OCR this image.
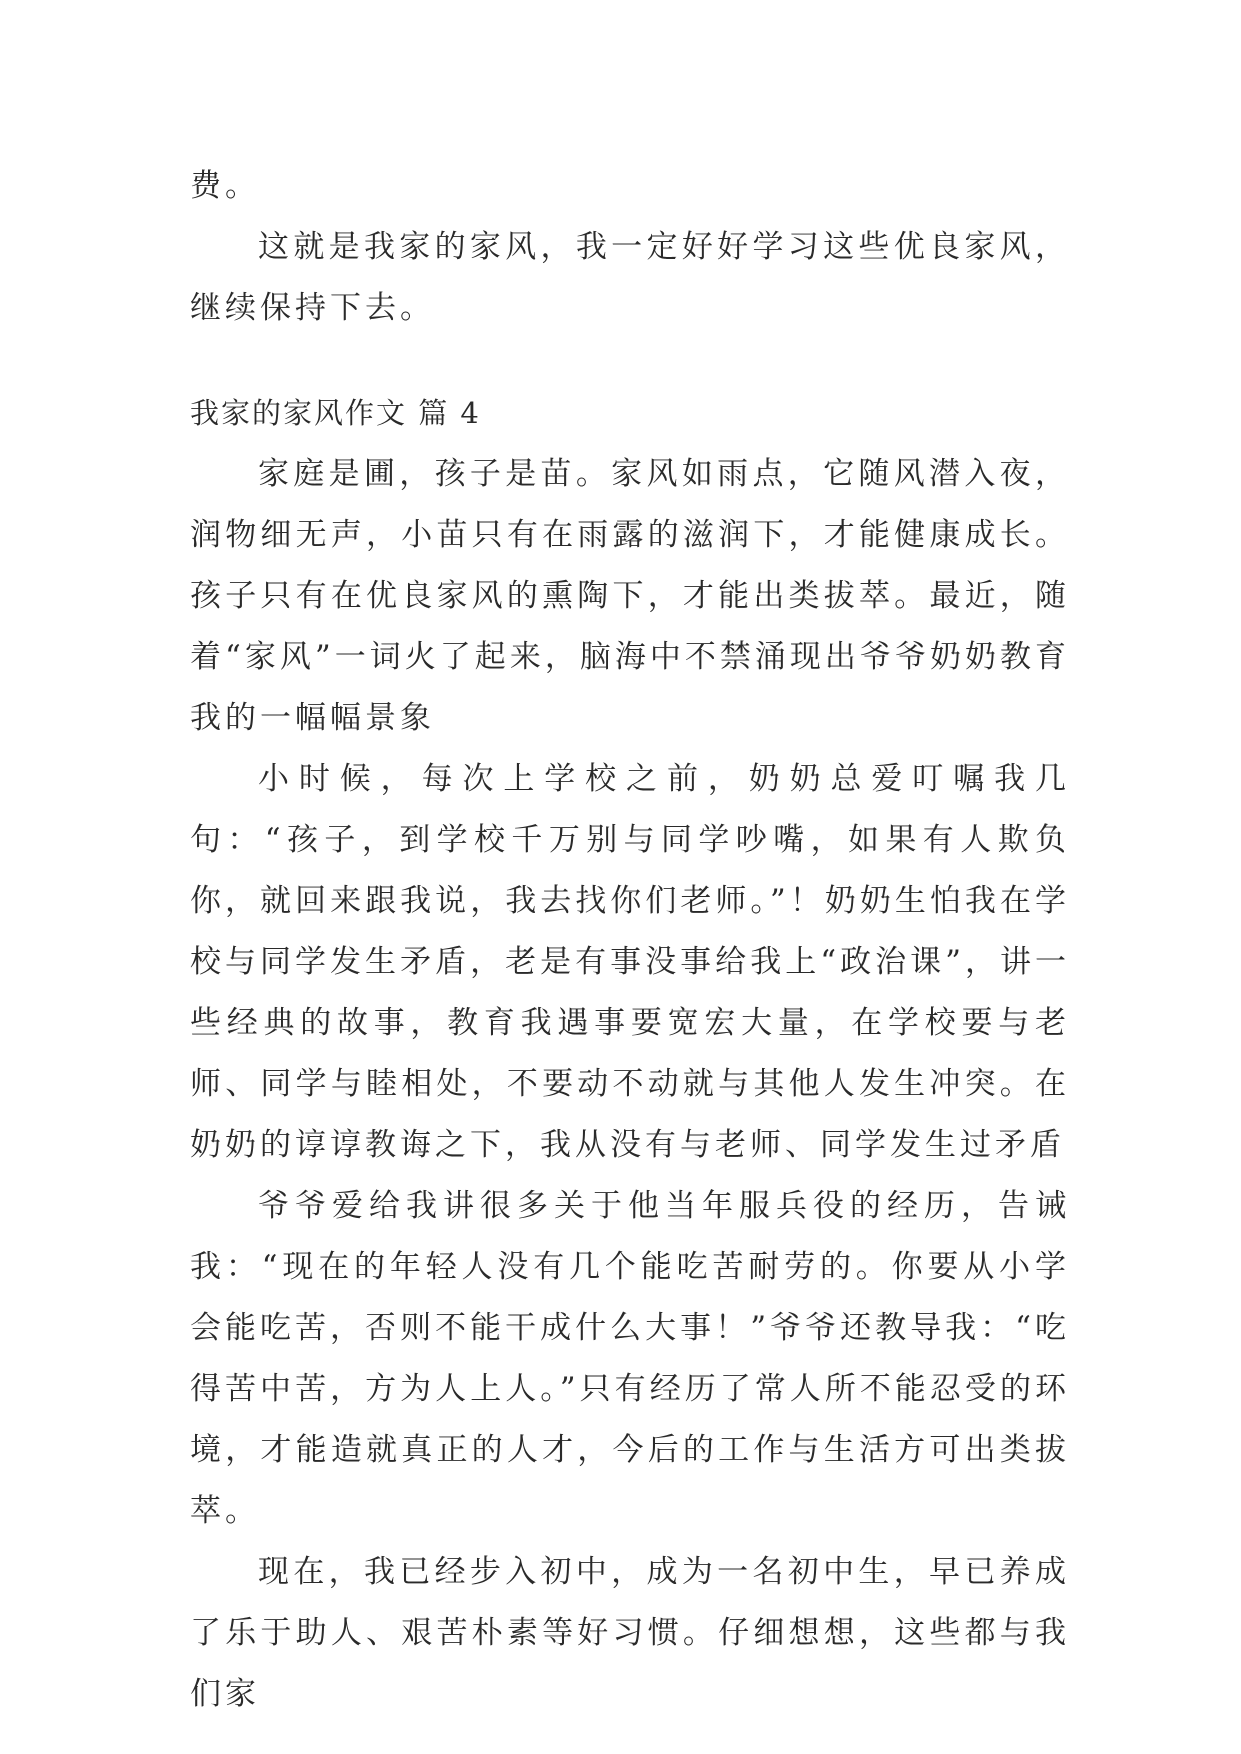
费。

这就是我家的家风，我一定好好学习这些优良家风，继续保持下去。

我家的家风作文 篇 4

家庭是圃，孩子是苗。家风如雨点，它随风潜入夜，润物细无声，小苗只有在雨露的滋润下，才能健康成长。孩子只有在优良家风的熏陶下，才能出类拔萃。最近，随着“家风”一词火了起来，脑海中不禁涌现出爷爷奶奶教育我的一幅幅景象

小时候，每次上学校之前，奶奶总爱叮嘱我几句：“孩子，到学校千万别与同学吵嘴，如果有人欺负你，就回来跟我说，我去找你们老师。”！奶奶生怕我在学校与同学发生矛盾，老是有事没事给我上“政治课”，讲一些经典的故事，教育我遇事要宽宏大量，在学校要与老师、同学与睦相处，不要动不动就与其他人发生冲突。在奶奶的谆谆教诲之下，我从没有与老师、同学发生过矛盾

爷爷爱给我讲很多关于他当年服兵役的经历，告诫我：“现在的年轻人没有几个能吃苦耐劳的。你要从小学会能吃苦，否则不能干成什么大事！”爷爷还教导我：“吃得苦中苦，方为人上人。”只有经历了常人所不能忍受的环境，才能造就真正的人才，今后的工作与生活方可出类拔萃。

现在，我已经步入初中，成为一名初中生，早已养成了乐于助人、艰苦朴素等好习惯。仔细想想，这些都与我们家
